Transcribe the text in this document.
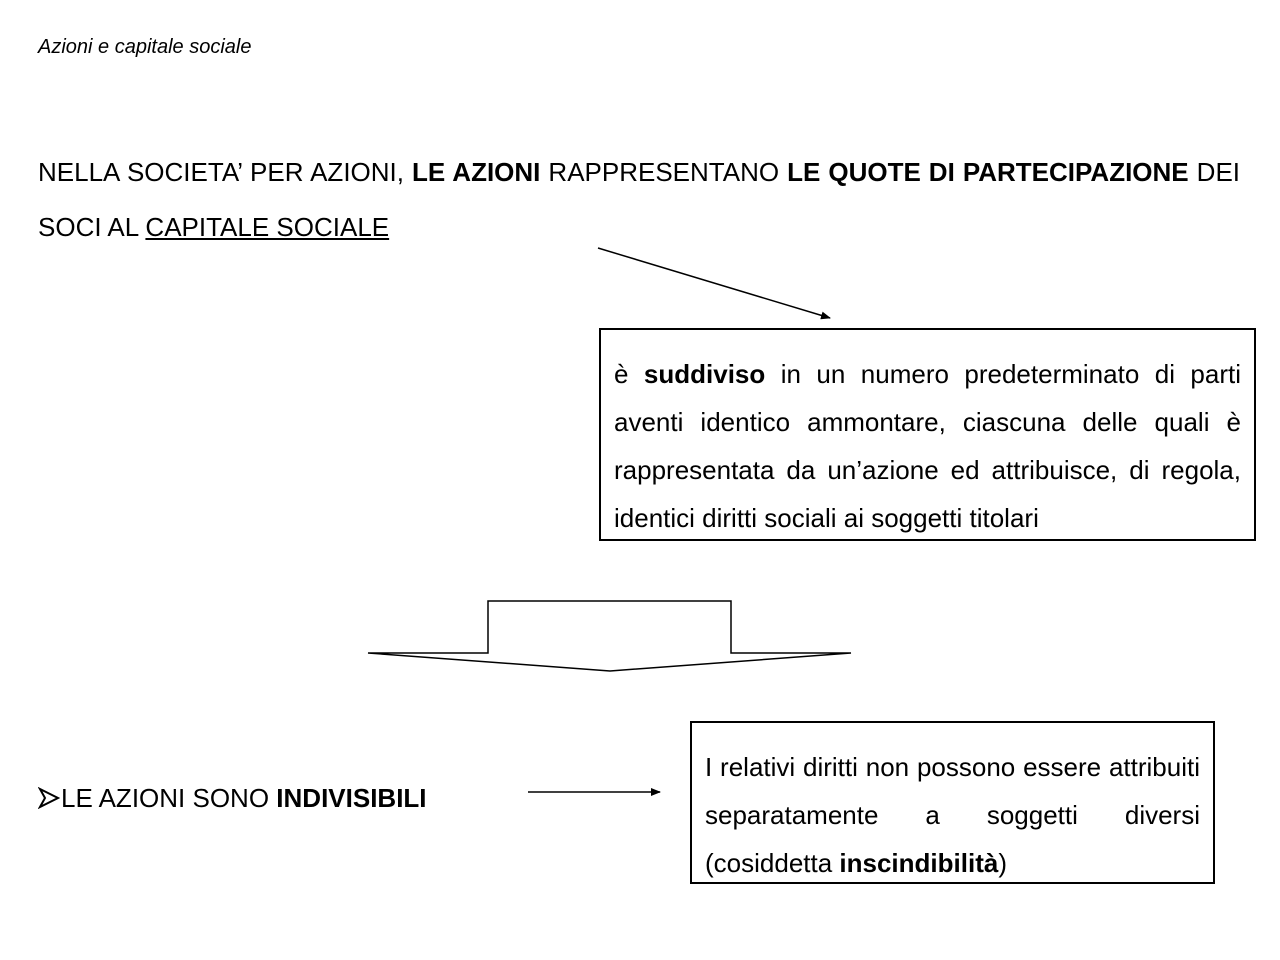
Azioni e capitale sociale

NELLA SOCIETA’ PER AZIONI, LE AZIONI RAPPRESENTANO LE QUOTE DI PARTECIPAZIONE DEI SOCI AL CAPITALE SOCIALE

è suddiviso in un numero predeterminato di parti aventi identico ammontare, ciascuna delle quali è rappresentata da un’azione ed attribuisce, di regola, identici diritti sociali ai soggetti titolari

LE AZIONI SONO
INDIVISIBILI

I relativi diritti non possono essere attribuiti separatamente a soggetti diversi (cosiddetta inscindibilità)
